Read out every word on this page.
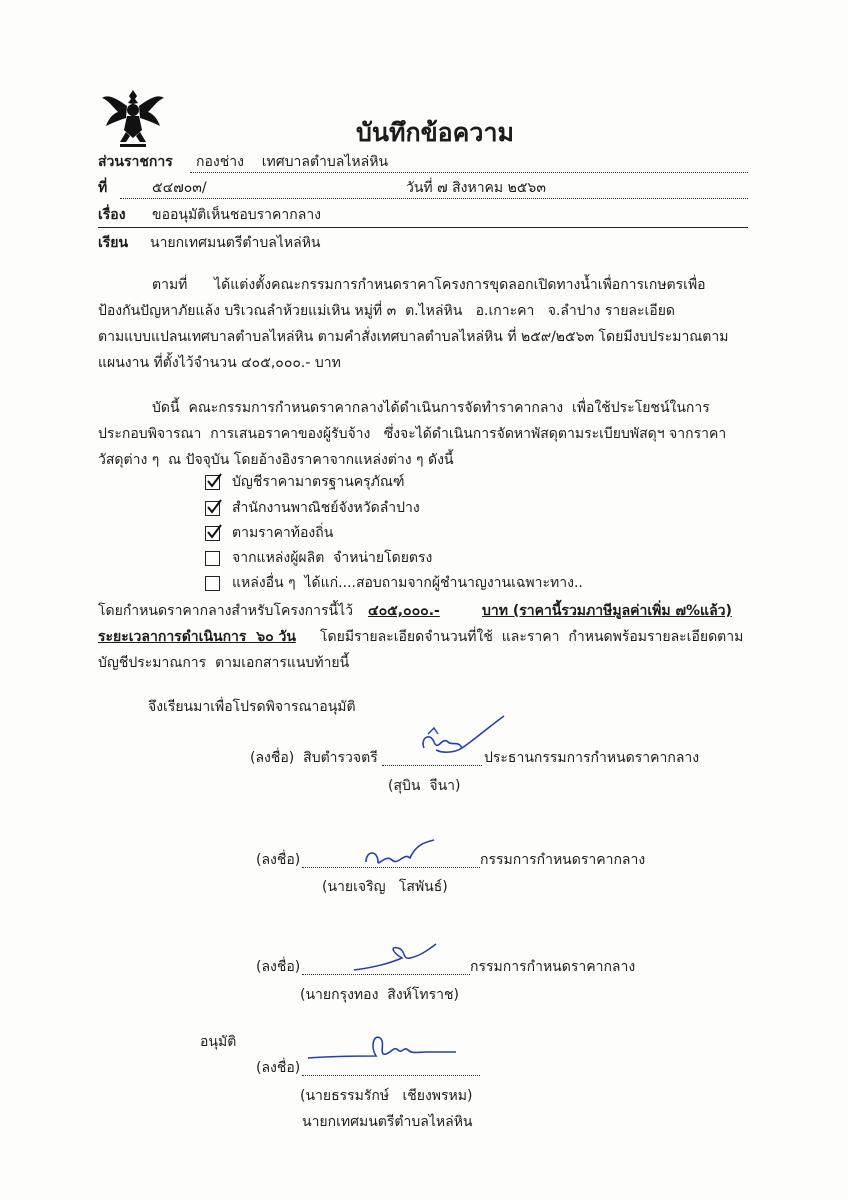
บันทึกข้อความ
ส่วนราชการ กองช่าง    เทศบาลตำบลไหล่หิน
ที่	๕๔๗๐๓/	วันที่ ๗ สิงหาคม ๒๕๖๓
เรื่อง ขออนุมัติเห็นชอบราคากลาง
เรียน นายกเทศมนตรีตำบลไหล่หิน
ตามที่      ได้แต่งตั้งคณะกรรมการกำหนดราคาโครงการขุดลอกเปิดทางน้ำเพื่อการเกษตรเพื่อ
ป้องกันปัญหาภัยแล้ง บริเวณลำห้วยแม่เหิน หมู่ที่ ๓  ต.ไหล่หิน   อ.เกาะคา   จ.ลำปาง รายละเอียด
ตามแบบแปลนเทศบาลตำบลไหล่หิน ตามคำสั่งเทศบาลตำบลไหล่หิน ที่ ๒๕๙/๒๕๖๓ โดยมีงบประมาณตาม
แผนงาน ที่ตั้งไว้จำนวน ๔๐๕,๐๐๐.- บาท
บัดนี้  คณะกรรมการกำหนดราคากลางได้ดำเนินการจัดทำราคากลาง  เพื่อใช้ประโยชน์ในการ
ประกอบพิจารณา  การเสนอราคาของผู้รับจ้าง   ซึ่งจะได้ดำเนินการจัดหาพัสดุตามระเบียบพัสดุฯ จากราคา
วัสดุต่าง ๆ  ณ ปัจจุบัน โดยอ้างอิงราคาจากแหล่งต่าง ๆ ดังนี้
บัญชีราคามาตรฐานครุภัณฑ์
สำนักงานพาณิชย์จังหวัดลำปาง
ตามราคาท้องถิ่น
จากแหล่งผู้ผลิต  จำหน่ายโดยตรง
แหล่งอื่น ๆ  ได้แก่....สอบถามจากผู้ชำนาญงานเฉพาะทาง..
โดยกำหนดราคากลางสำหรับโครงการนี้ไว้ ๔๐๕,๐๐๐.-	บาท (ราคานี้รวมภาษีมูลค่าเพิ่ม ๗%แล้ว)
ระยะเวลาการดำเนินการ  ๖๐ วัน โดยมีรายละเอียดจำนวนที่ใช้  และราคา  กำหนดพร้อมรายละเอียดตาม
บัญชีประมาณการ  ตามเอกสารแนบท้ายนี้
จึงเรียนมาเพื่อโปรดพิจารณาอนุมัติ
(ลงชื่อ)  สิบตำรวจตรี	ประธานกรรมการกำหนดราคากลาง
(สุบิน  จีนา)
(ลงชื่อ)	กรรมการกำหนดราคากลาง
(นายเจริญ   โสพันธ์)
(ลงชื่อ)	กรรมการกำหนดราคากลาง
(นายกรุงทอง  สิงห์โทราช)
อนุมัติ
(ลงชื่อ)
(นายธรรมรักษ์   เชียงพรหม)
นายกเทศมนตรีตำบลไหล่หิน
